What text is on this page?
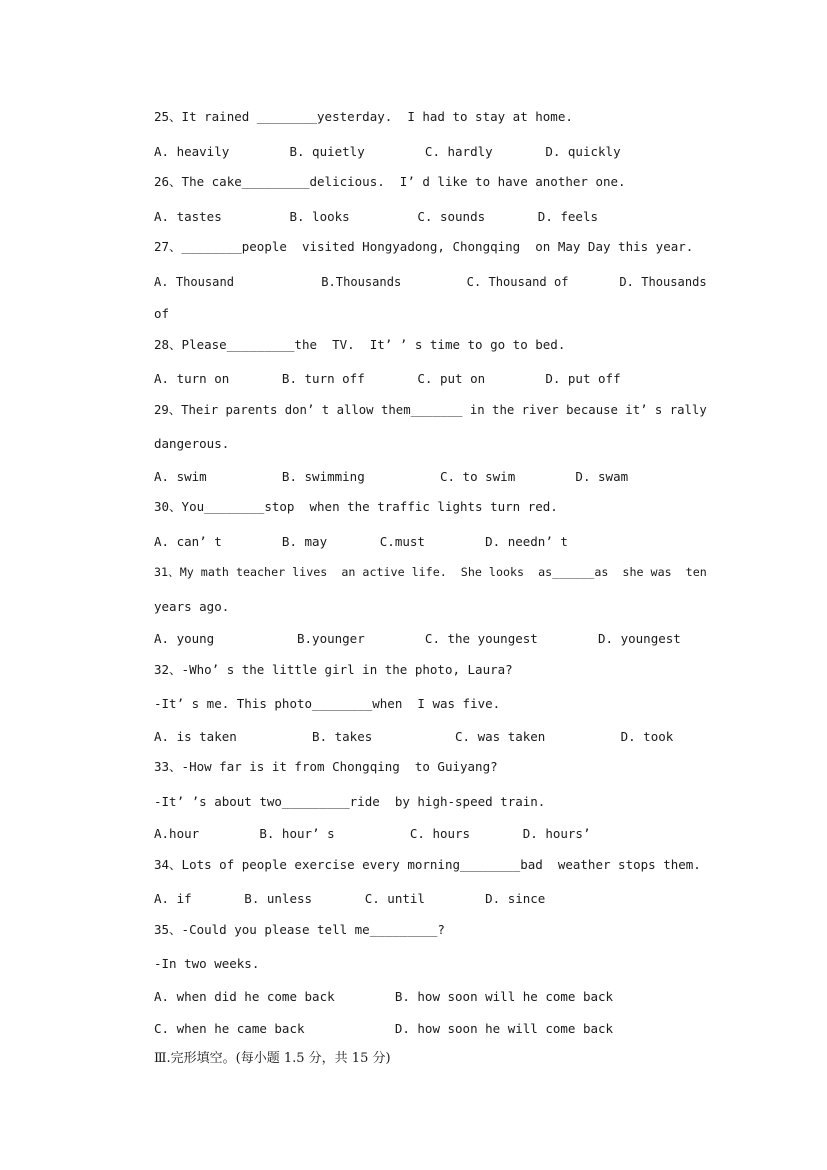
25、It rained ________yesterday.  I had to stay at home.
A. heavily        B. quietly        C. hardly       D. quickly
26、The cake_________delicious.  I’ d like to have another one.
A. tastes         B. looks         C. sounds       D. feels
27、________people  visited Hongyadong, Chongqing  on May Day this year.
A. Thousand            B.Thousands         C. Thousand of       D. Thousands
of
28、Please_________the  TV.  It’ ’ s time to go to bed.
A. turn on       B. turn off       C. put on        D. put off
29、Their parents don’ t allow them_______ in the river because it’ s rally
dangerous.
A. swim          B. swimming          C. to swim        D. swam
30、You________stop  when the traffic lights turn red.
A. can’ t        B. may       C.must        D. needn’ t
31、My math teacher lives  an active life.  She looks  as______as  she was  ten
years ago.
A. young           B.younger        C. the youngest        D. youngest
32、-Who’ s the little girl in the photo, Laura?
-It’ s me. This photo________when  I was five.
A. is taken          B. takes           C. was taken          D. took
33、-How far is it from Chongqing  to Guiyang?
-It’ ’s about two_________ride  by high-speed train.
A.hour        B. hour’ s          C. hours       D. hours’
34、Lots of people exercise every morning________bad  weather stops them.
A. if       B. unless       C. until        D. since
35、-Could you please tell me_________?
-In two weeks.
A. when did he come back        B. how soon will he come back
C. when he came back            D. how soon he will come back
Ⅲ.完形填空。(每小题 1.5 分，共 15 分)
